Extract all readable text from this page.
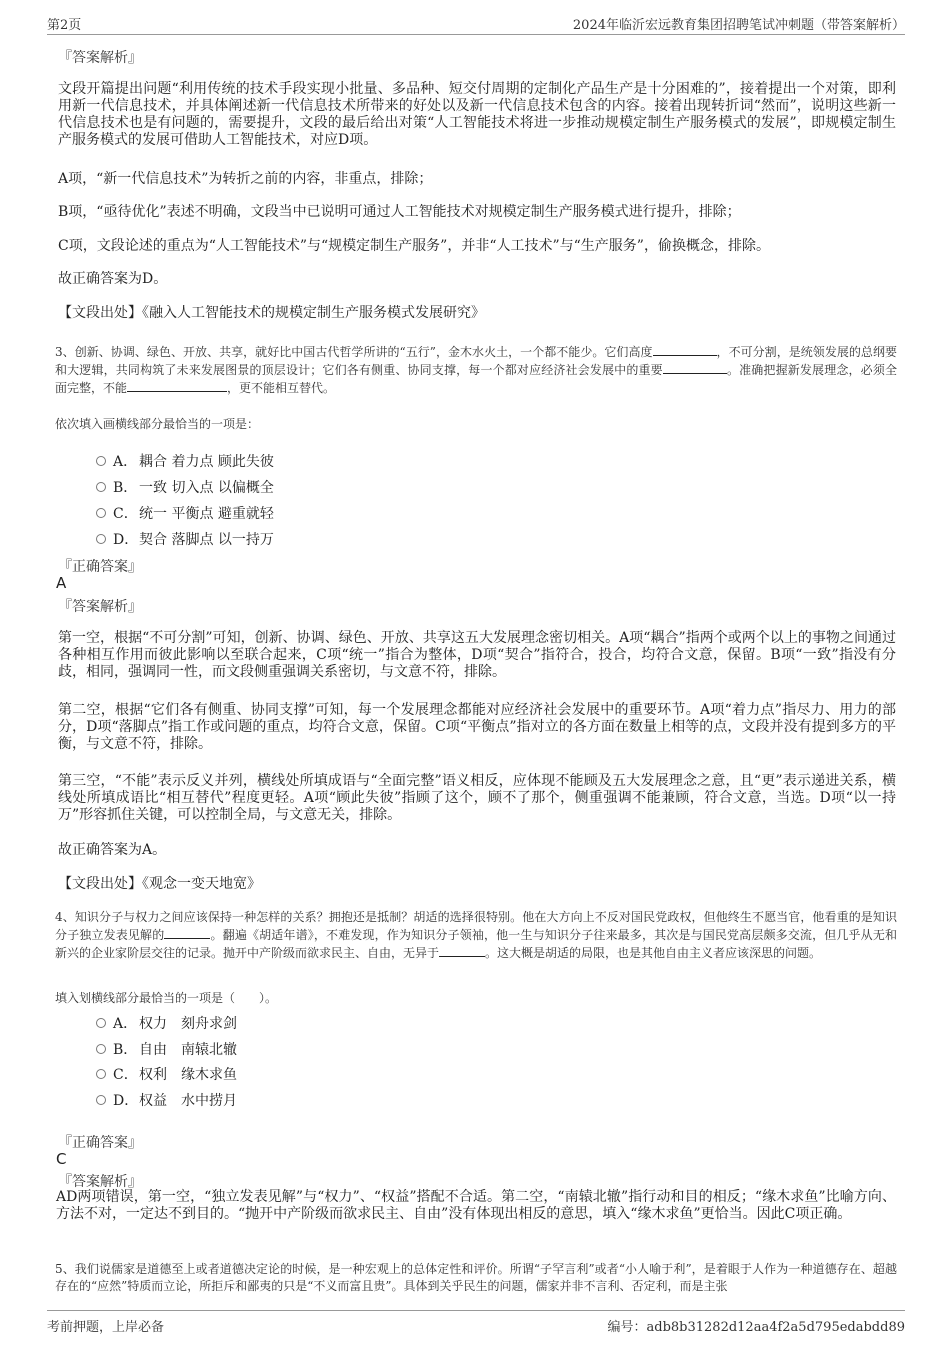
第2页	2024年临沂宏远教育集团招聘笔试冲刺题（带答案解析）
『答案解析』
文段开篇提出问题“利用传统的技术手段实现小批量、多品种、短交付周期的定制化产品生产是十分困难的”，接着提出一个对策，即利用新一代信息技术，并具体阐述新一代信息技术所带来的好处以及新一代信息技术包含的内容。接着出现转折词“然而”，说明这些新一代信息技术也是有问题的，需要提升，文段的最后给出对策“人工智能技术将进一步推动规模定制生产服务模式的发展”，即规模定制生产服务模式的发展可借助人工智能技术，对应D项。
A项，“新一代信息技术”为转折之前的内容，非重点，排除；
B项，“亟待优化”表述不明确，文段当中已说明可通过人工智能技术对规模定制生产服务模式进行提升，排除；
C项，文段论述的重点为“人工智能技术”与“规模定制生产服务”，并非“人工技术”与“生产服务”，偷换概念，排除。
故正确答案为D。
【文段出处】《融入人工智能技术的规模定制生产服务模式发展研究》
3、创新、协调、绿色、开放、共享，就好比中国古代哲学所讲的“五行”，金木水火土，一个都不能少。它们高度	，不可分割，是统领发展的总纲要和大逻辑，共同构筑了未来发展图景的顶层设计；它们各有侧重、协同支撑，每一个都对应经济社会发展中的重要	。准确把握新发展理念，必须全面完整，不能	，更不能相互替代。
依次填入画横线部分最恰当的一项是：
A． 耦合 着力点 顾此失彼
B． 一致 切入点 以偏概全
C．统一 平衡点 避重就轻
D．契合 落脚点 以一持万
『正确答案』
A
『答案解析』
第一空，根据“不可分割”可知，创新、协调、绿色、开放、共享这五大发展理念密切相关。A项“耦合”指两个或两个以上的事物之间通过各种相互作用而彼此影响以至联合起来，C项“统一”指合为整体，D项“契合”指符合，投合，均符合文意，保留。B项“一致”指没有分歧，相同，强调同一性，而文段侧重强调关系密切，与文意不符，排除。
第二空，根据“它们各有侧重、协同支撑”可知，每一个发展理念都能对应经济社会发展中的重要环节。A项“着力点”指尽力、用力的部分，D项“落脚点”指工作或问题的重点，均符合文意，保留。C项“平衡点”指对立的各方面在数量上相等的点，文段并没有提到多方的平衡，与文意不符，排除。
第三空，“不能”表示反义并列，横线处所填成语与“全面完整”语义相反，应体现不能顾及五大发展理念之意，且“更”表示递进关系，横线处所填成语比“相互替代”程度更轻。A项“顾此失彼”指顾了这个，顾不了那个，侧重强调不能兼顾，符合文意，当选。D项“以一持万”形容抓住关键，可以控制全局，与文意无关，排除。
故正确答案为A。
【文段出处】《观念一变天地宽》
4、知识分子与权力之间应该保持一种怎样的关系？拥抱还是抵制？胡适的选择很特别。他在大方向上不反对国民党政权，但他终生不愿当官，他看重的是知识分子独立发表见解的	。翻遍《胡适年谱》，不难发现，作为知识分子领袖，他一生与知识分子往来最多，其次是与国民党高层颇多交流，但几乎从无和新兴的企业家阶层交往的记录。抛开中产阶级而欲求民主、自由，无异于	。这大概是胡适的局限，也是其他自由主义者应该深思的问题。
填入划横线部分最恰当的一项是（　　）。
A． 权力　刻舟求剑
B． 自由　南辕北辙
C．权利　缘木求鱼
D．权益　水中捞月
『正确答案』
C
『答案解析』
AD两项错误，第一空，“独立发表见解”与“权力”、“权益”搭配不合适。第二空，“南辕北辙”指行动和目的相反；“缘木求鱼”比喻方向、方法不对，一定达不到目的。“抛开中产阶级而欲求民主、自由”没有体现出相反的意思，填入“缘木求鱼”更恰当。因此C项正确。
5、我们说儒家是道德至上或者道德决定论的时候，是一种宏观上的总体定性和评价。所谓“子罕言利”或者“小人喻于利”，是着眼于人作为一种道德存在、超越存在的“应然”特质而立论，所拒斥和鄙夷的只是“不义而富且贵”。具体到关乎民生的问题，儒家并非不言利、否定利，而是主张
考前押题，上岸必备	编号：adb8b31282d12aa4f2a5d795edabdd89
